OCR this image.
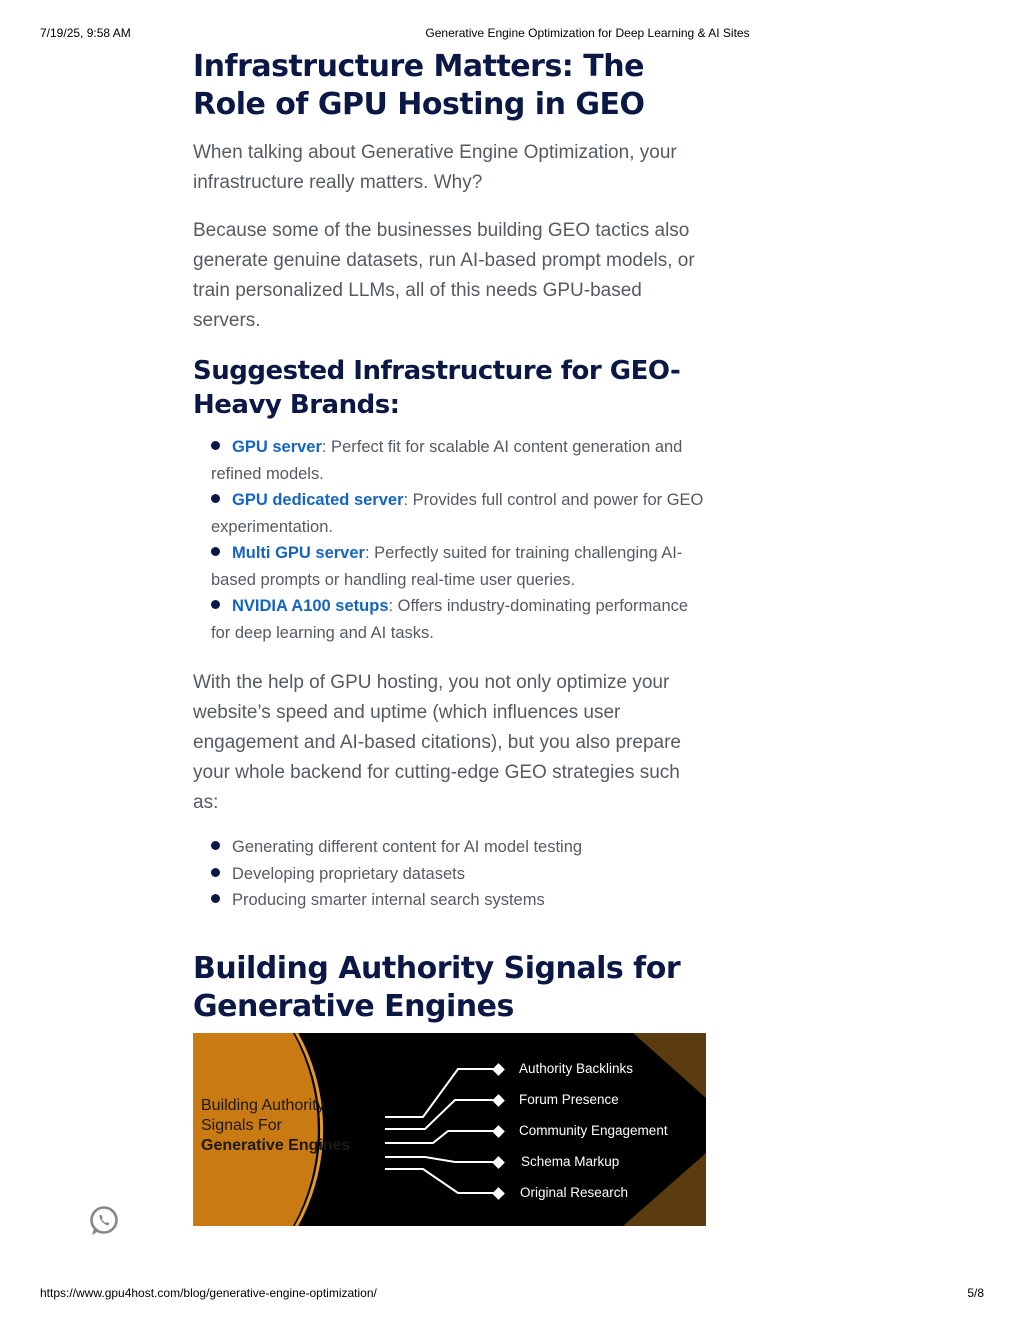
7/19/25, 9:58 AM	Generative Engine Optimization for Deep Learning & AI Sites
Infrastructure Matters: The Role of GPU Hosting in GEO

When talking about Generative Engine Optimization, your infrastructure really matters. Why?

Because some of the businesses building GEO tactics also generate genuine datasets, run AI-based prompt models, or train personalized LLMs, all of this needs GPU-based servers.

Suggested Infrastructure for GEO-Heavy Brands:
GPU server: Perfect fit for scalable AI content generation and refined models.
GPU dedicated server: Provides full control and power for GEO experimentation.
Multi GPU server: Perfectly suited for training challenging AI-based prompts or handling real-time user queries.
NVIDIA A100 setups: Offers industry-dominating performance for deep learning and AI tasks.

With the help of GPU hosting, you not only optimize your website’s speed and uptime (which influences user engagement and AI-based citations), but you also prepare your whole backend for cutting-edge GEO strategies such as:

Generating different content for AI model testing
Developing proprietary datasets
Producing smarter internal search systems
Building Authority Signals for Generative Engines
Building Authority
Signals For
Generative Engines
Authority Backlinks
Forum Presence
Community Engagement
Schema Markup
Original Research
https://www.gpu4host.com/blog/generative-engine-optimization/	5/8
